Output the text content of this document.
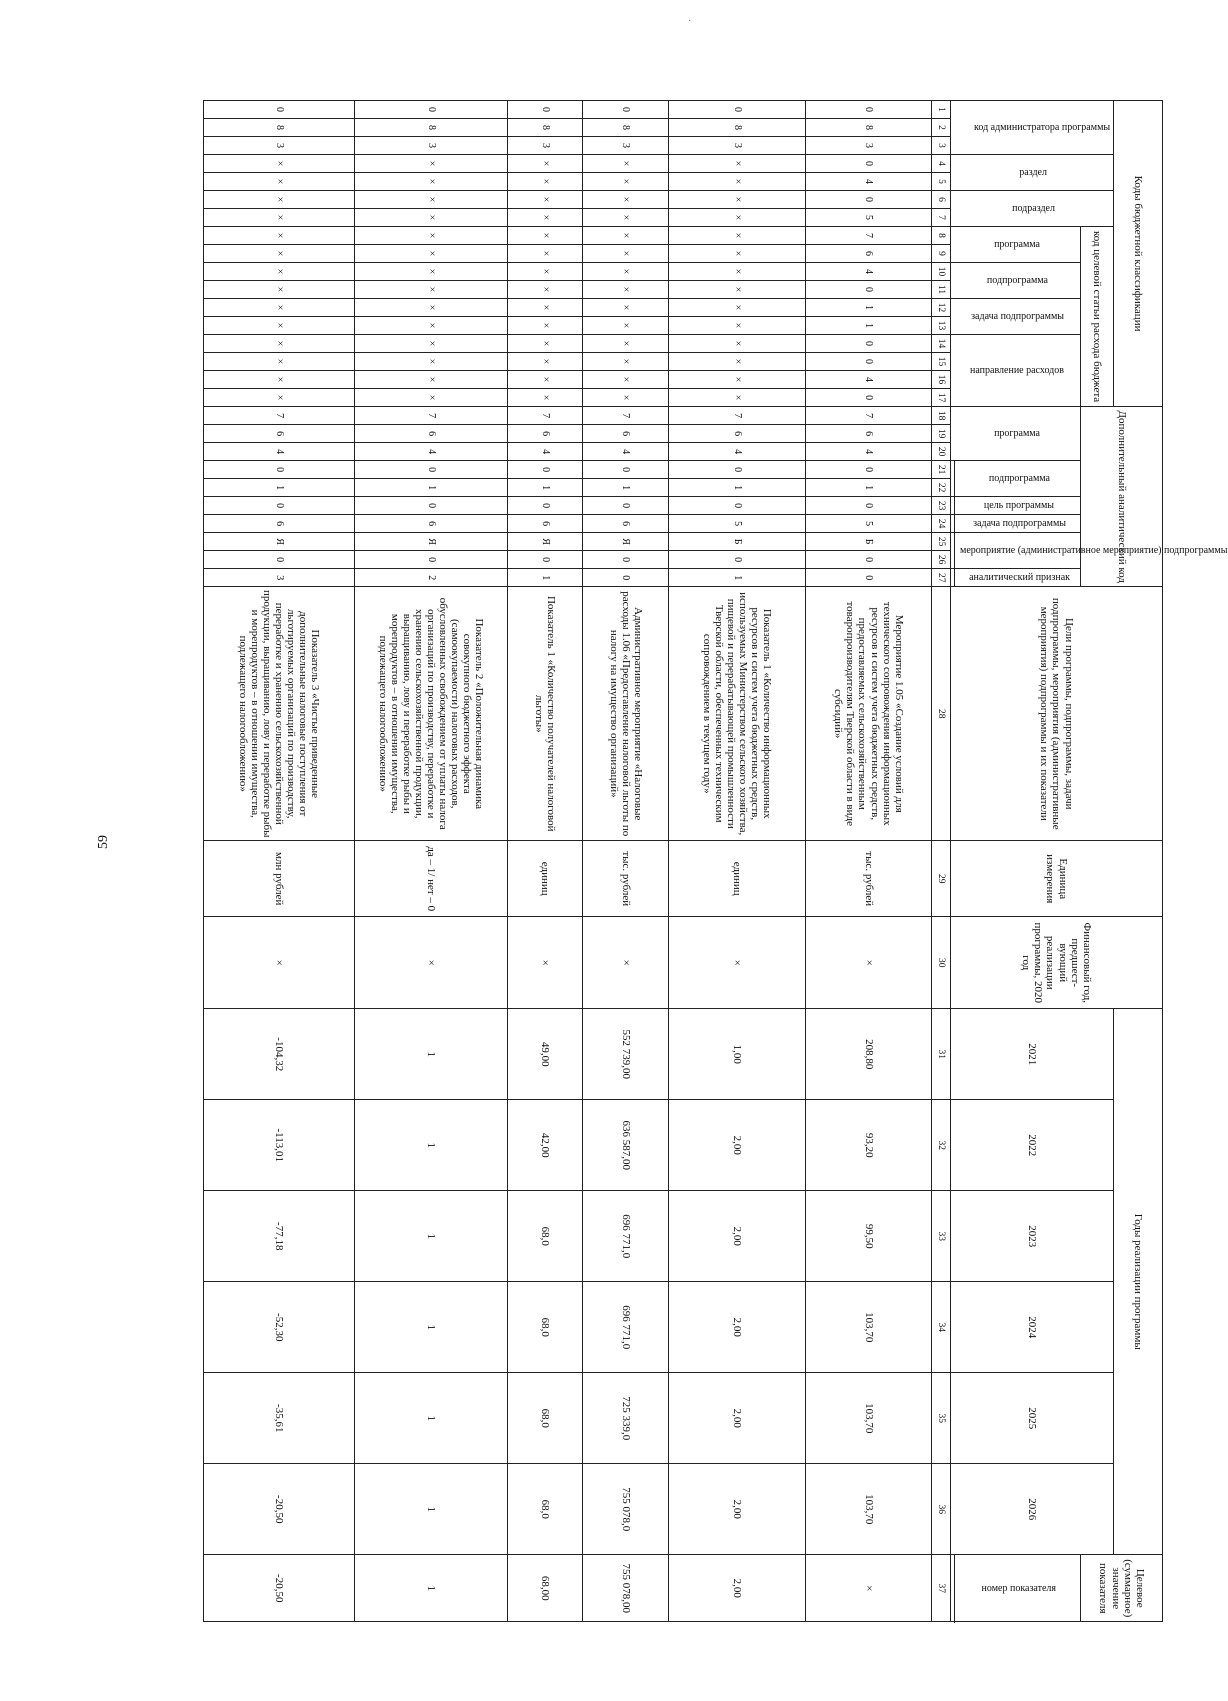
59
·
Коды бюджетной классификации																	Дополнительный аналитический код										Цели программы, подпрограммы, задачи подпрограммы, мероприятия (административные мероприятия) подпрограммы и их показатели	Единица измерения	Финансовый год, предшест-вующий реализации программы, 2020 год	Годы реализации программы						Целевое (суммарное) значение показателя	
код администратора программы			раздел		подраздел		код целевой статьи расхода бюджета																							2021	2022	2023	2024	2025	2026		
							программа		подпрограмма		задача подпрограммы		направление расходов				программа			подпрограмма		цель программы	задача подпрограммы	мероприятие (административное мероприятие) подпрограммы		аналитический признак										номер показателя	

1	2	3	4	5	6	7	8	9	10	11	12	13	14	15	16	17	18	19	20	21	22	23	24	25	26	27	28	29	30	31	32	33	34	35	36	37	
0	8	3	0	4	0	5	7	6	4	0	1	1	0	0	4	0	7	6	4	0	1	0	5	Б	0	0	Мероприятие 1.05 «Создание условий для технического сопровождения информационных ресурсов и систем учета бюджетных средств, предоставляемых сельскохозяйственным товаропроизводителям Тверской области в виде субсидий»	тыс. рублей	×	208,80	93,20	99,50	103,70	103,70	103,70	×	
0	8	3	×	×	×	×	×	×	×	×	×	×	×	×	×	×	7	6	4	0	1	0	5	Б	0	1	Показатель 1 «Количество информационных ресурсов и систем учета бюджетных средств, используемых Министерством сельского хозяйства, пищевой и перерабатывающей промышленности Тверской области, обеспеченных техническим сопровождением в текущем году»	единиц	×	1,00	2,00	2,00	2,00	2,00	2,00	2,00	
0	8	3	×	×	×	×	×	×	×	×	×	×	×	×	×	×	7	6	4	0	1	0	6	Я	0	0	Административное мероприятие «Налоговые расходы 1.06 «Предоставление налоговой льготы по налогу на имущество организаций»	тыс. рублей	×	552 739,00	636 587,00	696 771,0	696 771,0	725 339,0	755 078,0	755 078,00	
0	8	3	×	×	×	×	×	×	×	×	×	×	×	×	×	×	7	6	4	0	1	0	6	Я	0	1	Показатель 1 «Количество получателей налоговой льготы»	единиц	×	49,00	42,00	68,0	68,0	68,0	68,0	68,00	
0	8	3	×	×	×	×	×	×	×	×	×	×	×	×	×	×	7	6	4	0	1	0	6	Я	0	2	Показатель 2 «Положительная динамика совокупного бюджетного эффекта (самоокупаемости) налоговых расходов, обусловленных освобождением от уплаты налога организаций по производству, переработке и хранению сельскохозяйственной продукции, выращиванию, лову и переработке рыбы и морепродуктов – в отношении имущества, подлежащего налогообложению»	да – 1/ нет – 0	×	1	1	1	1	1	1	1	
0	8	3	×	×	×	×	×	×	×	×	×	×	×	×	×	×	7	6	4	0	1	0	6	Я	0	3	Показатель 3 «Чистые приведенные дополнительные налоговые поступления от льготируемых организаций по производству, переработке и хранению сельскохозяйственной продукции, выращиванию, лову и переработке рыбы и морепродуктов – в отношении имущества, подлежащего налогообложению»	млн рублей	×	-104,32	-113,01	-77,18	-52,30	-35,61	-20,50	-20,50	
